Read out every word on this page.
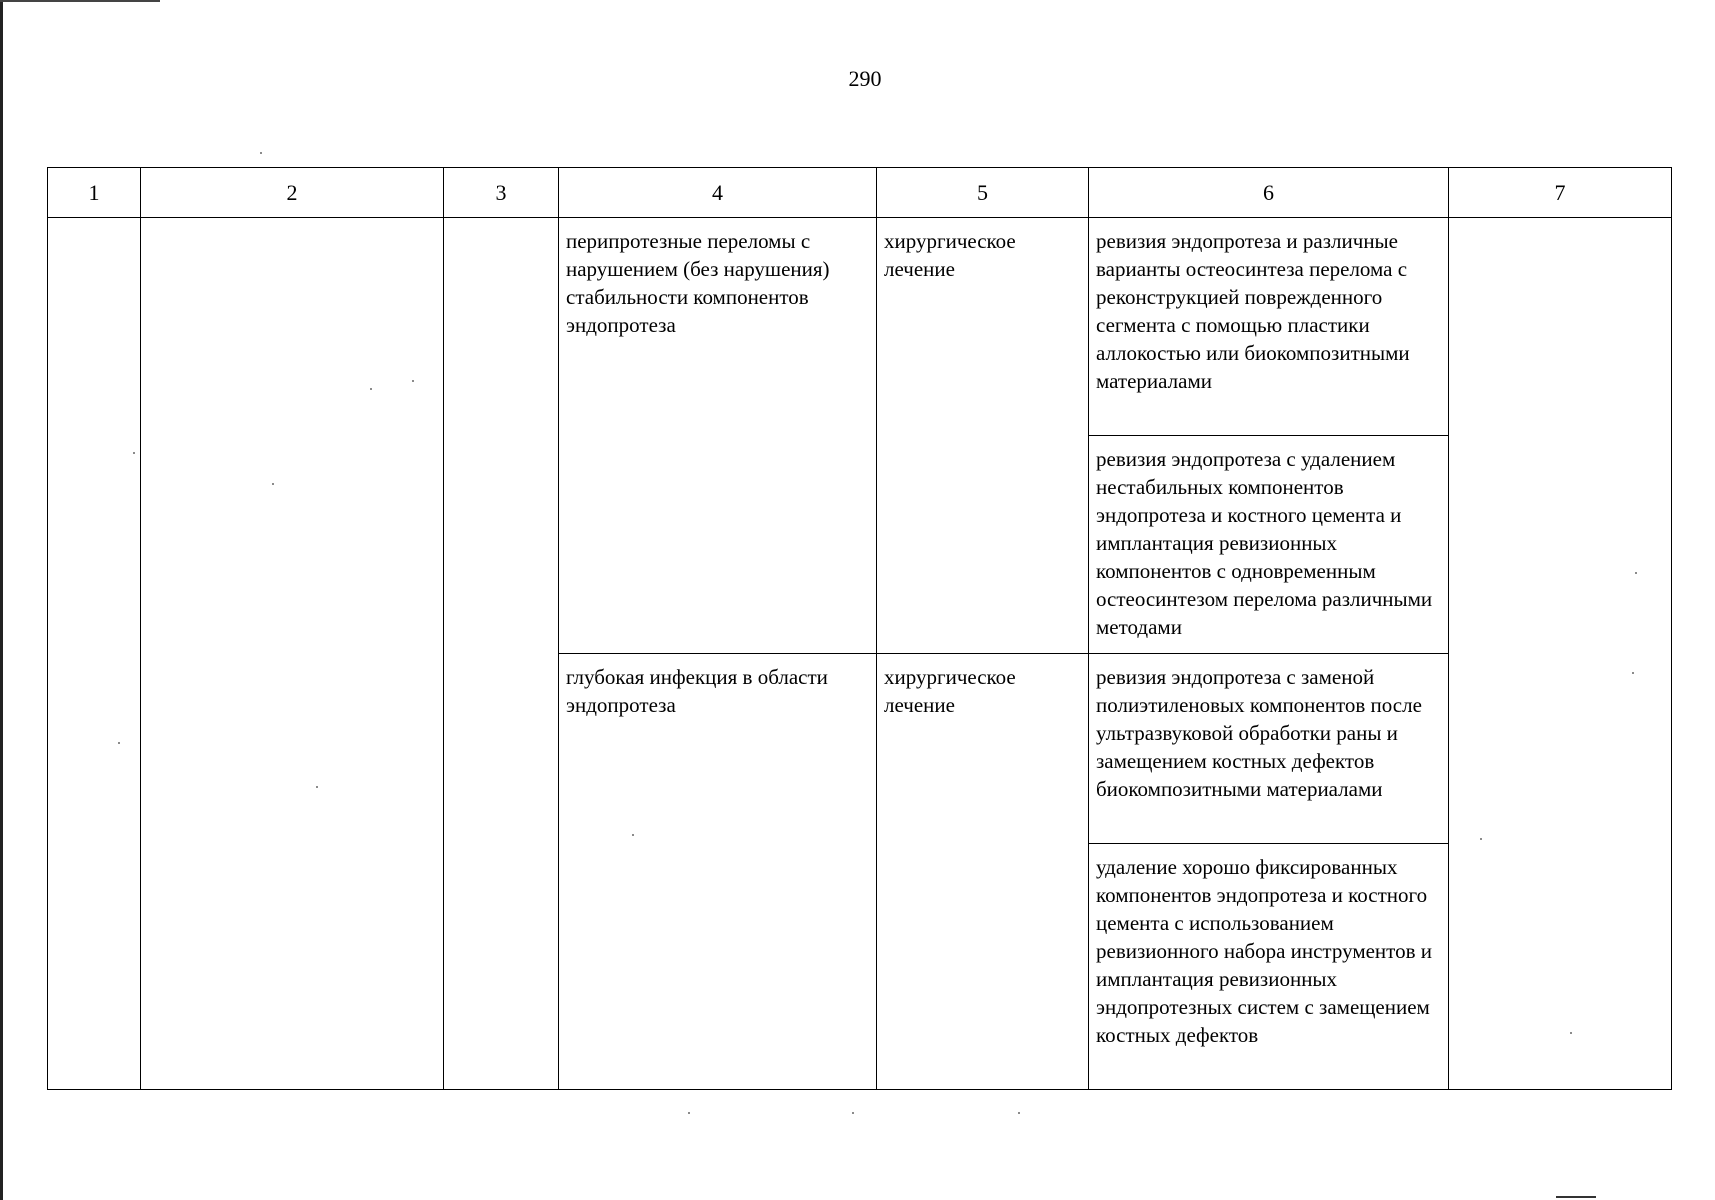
290
1	2	3	4	5	6	7

			перипротезные переломы с нарушением (без нарушения) стабильности компонентов эндопротеза	хирургическое лечение	ревизия эндопротеза и различные варианты остеосинтеза перелома с реконструкцией поврежденного сегмента с помощью пластики аллокостью или биокомпозитными материалами	

					ревизия эндопротеза с удалением нестабильных компонентов эндопротеза и костного цемента и имплантация ревизионных компонентов с одновременным остеосинтезом перелома различными методами	

			глубокая инфекция в области эндопротеза	хирургическое лечение	ревизия эндопротеза с заменой полиэтиленовых компонентов после ультразвуковой обработки раны и замещением костных дефектов биокомпозитными материалами	

					удаление хорошо фиксированных компонентов эндопротеза и костного цемента с использованием ревизионного набора инструментов и имплантация ревизионных эндопротезных систем с замещением костных дефектов	
